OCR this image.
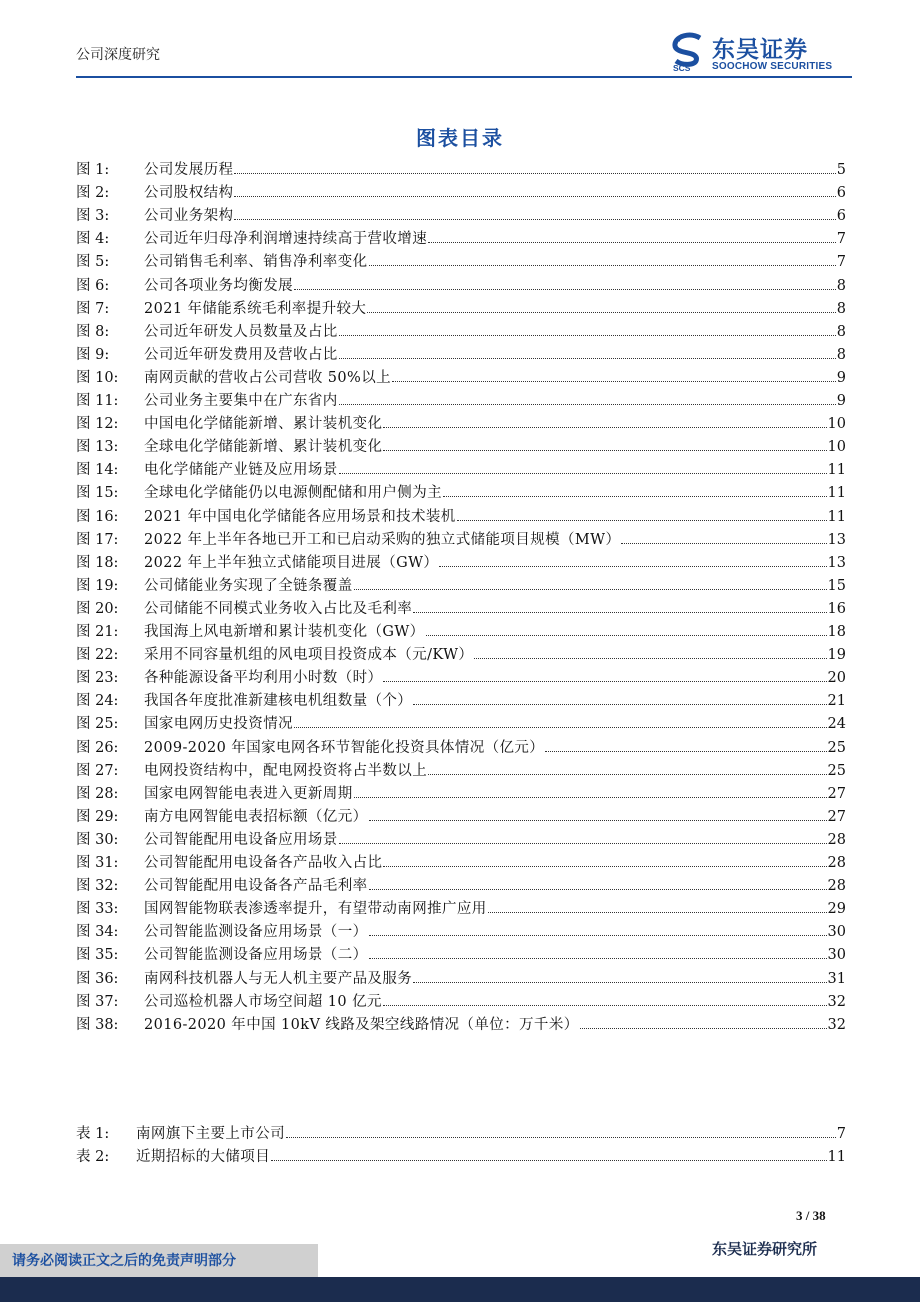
公司深度研究
SCS
东吴证券
SOOCHOW SECURITIES
图表目录
图 1:	公司发展历程	5
图 2:	公司股权结构	6
图 3:	公司业务架构	6
图 4:	公司近年归母净利润增速持续高于营收增速	7
图 5:	公司销售毛利率、销售净利率变化	7
图 6:	公司各项业务均衡发展	8
图 7:	2021 年储能系统毛利率提升较大	8
图 8:	公司近年研发人员数量及占比	8
图 9:	公司近年研发费用及营收占比	8
图 10:	南网贡献的营收占公司营收 50%以上	9
图 11:	公司业务主要集中在广东省内	9
图 12:	中国电化学储能新增、累计装机变化	10
图 13:	全球电化学储能新增、累计装机变化	10
图 14:	电化学储能产业链及应用场景	11
图 15:	全球电化学储能仍以电源侧配储和用户侧为主	11
图 16:	2021 年中国电化学储能各应用场景和技术装机	11
图 17:	2022 年上半年各地已开工和已启动采购的独立式储能项目规模（MW）	13
图 18:	2022 年上半年独立式储能项目进展（GW）	13
图 19:	公司储能业务实现了全链条覆盖	15
图 20:	公司储能不同模式业务收入占比及毛利率	16
图 21:	我国海上风电新增和累计装机变化（GW）	18
图 22:	采用不同容量机组的风电项目投资成本（元/KW）	19
图 23:	各种能源设备平均利用小时数（时）	20
图 24:	我国各年度批准新建核电机组数量（个）	21
图 25:	国家电网历史投资情况	24
图 26:	2009-2020 年国家电网各环节智能化投资具体情况（亿元）	25
图 27:	电网投资结构中，配电网投资将占半数以上	25
图 28:	国家电网智能电表进入更新周期	27
图 29:	南方电网智能电表招标额（亿元）	27
图 30:	公司智能配用电设备应用场景	28
图 31:	公司智能配用电设备各产品收入占比	28
图 32:	公司智能配用电设备各产品毛利率	28
图 33:	国网智能物联表渗透率提升，有望带动南网推广应用	29
图 34:	公司智能监测设备应用场景（一）	30
图 35:	公司智能监测设备应用场景（二）	30
图 36:	南网科技机器人与无人机主要产品及服务	31
图 37:	公司巡检机器人市场空间超 10 亿元	32
图 38:	2016-2020 年中国 10kV 线路及架空线路情况（单位：万千米）	32
表 1:	南网旗下主要上市公司	7
表 2:	近期招标的大储项目	11
3 / 38
请务必阅读正文之后的免责声明部分
东吴证券研究所
